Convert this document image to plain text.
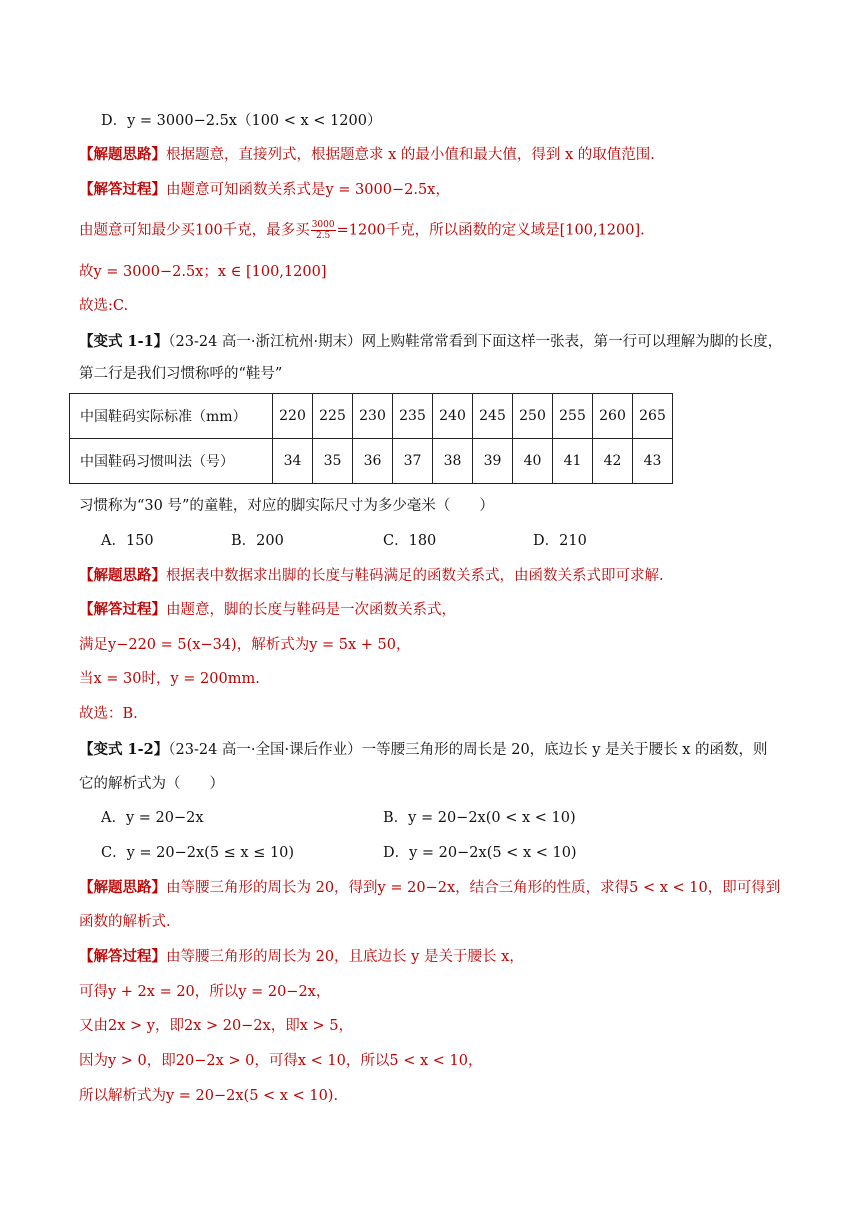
D．y = 3000−2.5x（100 < x < 1200）
【解题思路】根据题意，直接列式，根据题意求 x 的最小值和最大值，得到 x 的取值范围.
【解答过程】由题意可知函数关系式是y = 3000−2.5x，
由题意可知最少买100千克，最多买 $\frac{3000}{2.5} =1200$千克，所以函数的定义域是[100,1200].
故y = 3000−2.5x；x ∈ [100,1200]
故选:C.
【变式 1-1】（23-24 高一·浙江杭州·期末）网上购鞋常常看到下面这样一张表，第一行可以理解为脚的长度，
第二行是我们习惯称呼的“鞋号”
中国鞋码实际标准（mm）	220	225	230	235	240	245	250	255	260	265
中国鞋码习惯叫法（号）	34	35	36	37	38	39	40	41	42	43
习惯称为“30 号”的童鞋，对应的脚实际尺寸为多少毫米（　　）
A．150	B．200	C．180	D．210
【解题思路】根据表中数据求出脚的长度与鞋码满足的函数关系式，由函数关系式即可求解.
【解答过程】由题意，脚的长度与鞋码是一次函数关系式，
满足y−220 = 5(x−34)，解析式为y = 5x + 50，
当x = 30时，y = 200mm.
故选：B.
【变式 1-2】（23-24 高一·全国·课后作业）一等腰三角形的周长是 20，底边长 y 是关于腰长 x 的函数，则
它的解析式为（　　）
A．y = 20−2x	B．y = 20−2x(0 < x < 10)
C．y = 20−2x(5 ≤ x ≤ 10)	D．y = 20−2x(5 < x < 10)
【解题思路】由等腰三角形的周长为 20，得到y = 20−2x，结合三角形的性质，求得5 < x < 10，即可得到
函数的解析式.
【解答过程】由等腰三角形的周长为 20，且底边长 y 是关于腰长 x，
可得y + 2x = 20，所以y = 20−2x，
又由2x > y，即2x > 20−2x，即x > 5，
因为y > 0，即20−2x > 0，可得x < 10，所以5 < x < 10，
所以解析式为y = 20−2x(5 < x < 10).
